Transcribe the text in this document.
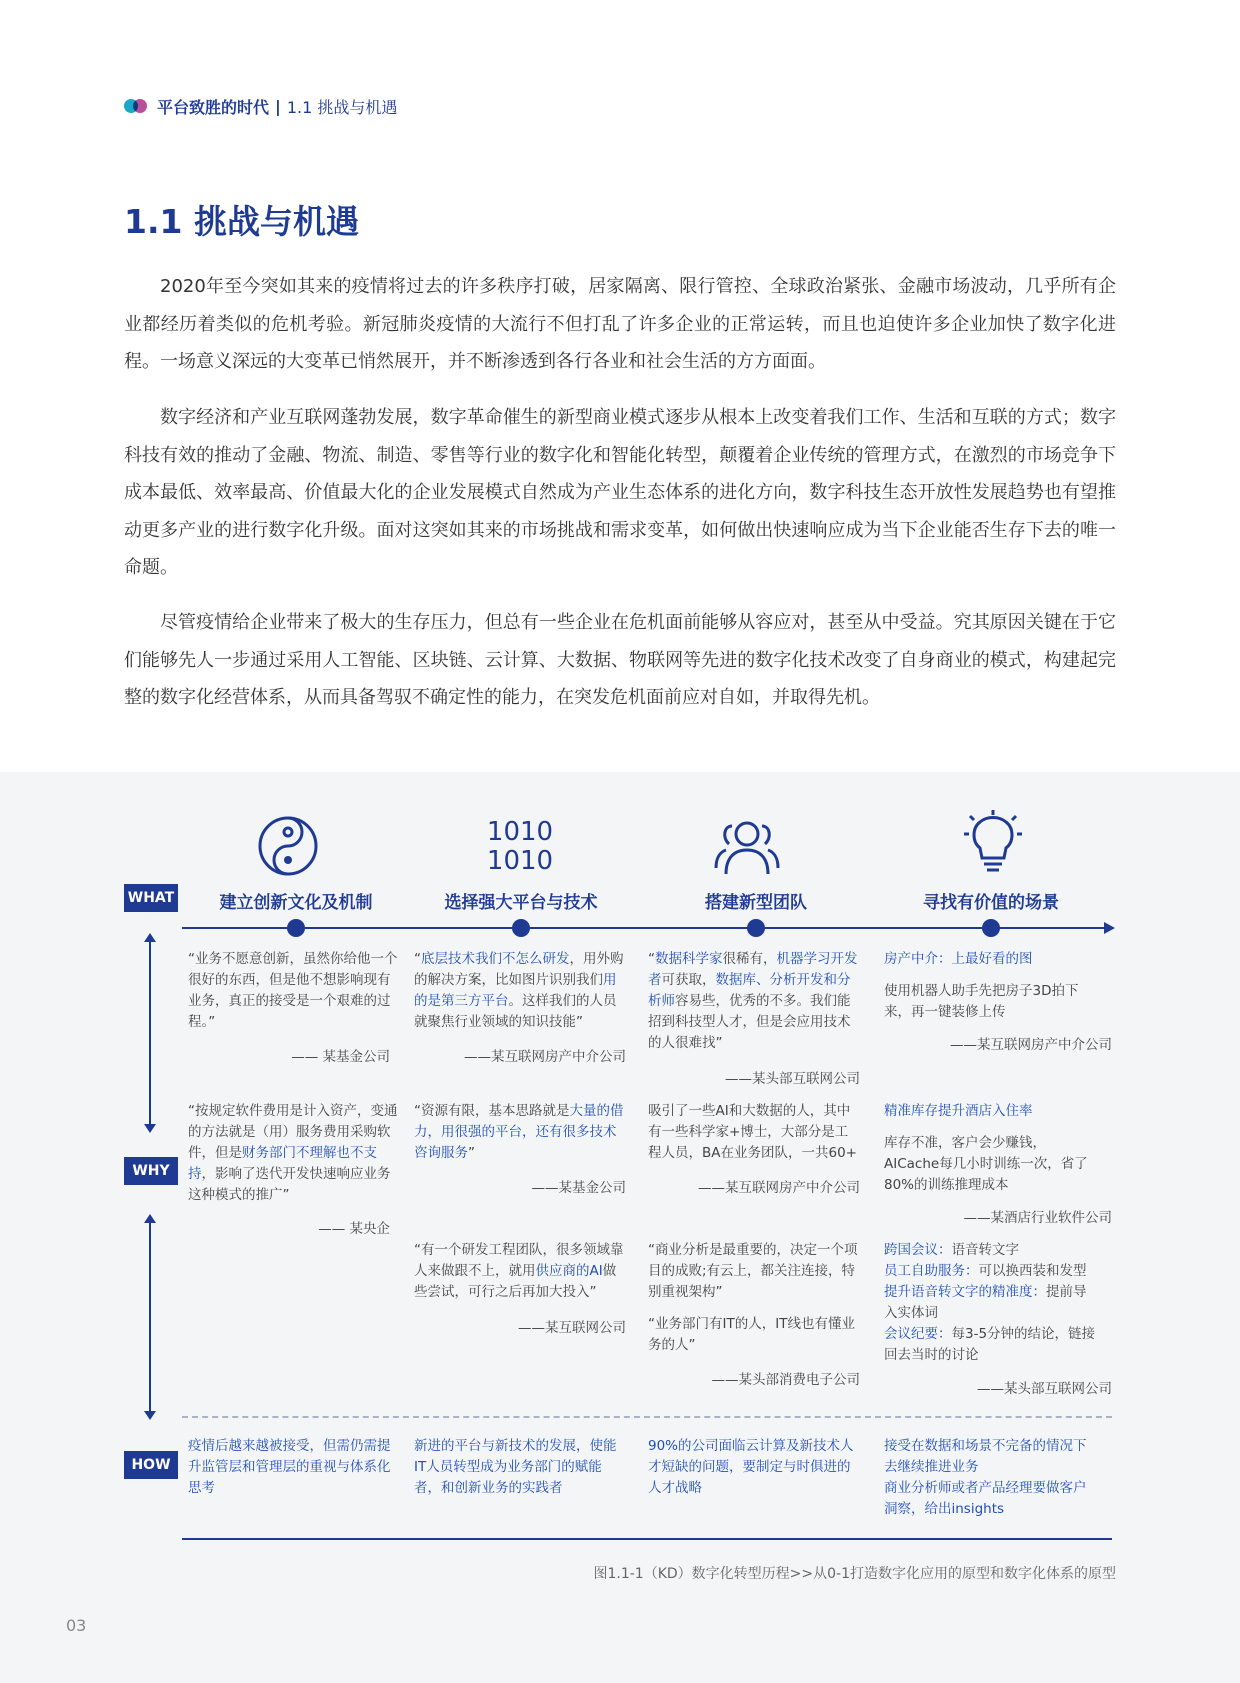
平台致胜的时代 | 1.1 挑战与机遇
1.1 挑战与机遇

2020年至今突如其来的疫情将过去的许多秩序打破，居家隔离、限行管控、全球政治紧张、金融市场波动，几乎所有企业都经历着类似的危机考验。新冠肺炎疫情的大流行不但打乱了许多企业的正常运转，而且也迫使许多企业加快了数字化进程。一场意义深远的大变革已悄然展开，并不断渗透到各行各业和社会生活的方方面面。

数字经济和产业互联网蓬勃发展，数字革命催生的新型商业模式逐步从根本上改变着我们工作、生活和互联的方式；数字科技有效的推动了金融、物流、制造、零售等行业的数字化和智能化转型，颠覆着企业传统的管理方式，在激烈的市场竞争下成本最低、效率最高、价值最大化的企业发展模式自然成为产业生态体系的进化方向，数字科技生态开放性发展趋势也有望推动更多产业的进行数字化升级。面对这突如其来的市场挑战和需求变革，如何做出快速响应成为当下企业能否生存下去的唯一命题。

尽管疫情给企业带来了极大的生存压力，但总有一些企业在危机面前能够从容应对，甚至从中受益。究其原因关键在于它们能够先人一步通过采用人工智能、区块链、云计算、大数据、物联网等先进的数字化技术改变了自身商业的模式，构建起完整的数字化经营体系，从而具备驾驭不确定性的能力，在突发危机面前应对自如，并取得先机。

1010
1010
建立创新文化及机制	选择强大平台与技术	搭建新型团队	寻找有价值的场景
WHAT
WHY
HOW
“业务不愿意创新，虽然你给他一个很好的东西，但是他不想影响现有业务，真正的接受是一个艰难的过程。”
—— 某基金公司
“按规定软件费用是计入资产，变通的方法就是（用）服务费用采购软件，但是财务部门不理解也不支持，影响了迭代开发快速响应业务这种模式的推广”
—— 某央企
“底层技术我们不怎么研发，用外购的解决方案，比如图片识别我们用的是第三方平台。这样我们的人员就聚焦行业领域的知识技能”
——某互联网房产中介公司
“资源有限，基本思路就是大量的借力，用很强的平台，还有很多技术咨询服务”
——某基金公司
“有一个研发工程团队，很多领域靠人来做跟不上，就用供应商的AI做些尝试，可行之后再加大投入”
——某互联网公司
“数据科学家很稀有，机器学习开发者可获取，数据库、分析开发和分析师容易些，优秀的不多。我们能招到科技型人才，但是会应用技术的人很难找”
——某头部互联网公司
吸引了一些AI和大数据的人，其中有一些科学家+博士，大部分是工程人员，BA在业务团队，一共60+
——某互联网房产中介公司
“商业分析是最重要的，决定一个项目的成败;有云上，都关注连接，特别重视架构”
“业务部门有IT的人，IT线也有懂业务的人”
——某头部消费电子公司
房产中介：上最好看的图
使用机器人助手先把房子3D拍下来，再一键装修上传
——某互联网房产中介公司
精准库存提升酒店入住率
库存不准，客户会少赚钱，AICache每几小时训练一次，省了80%的训练推理成本
——某酒店行业软件公司

跨国会议：语音转文字

员工自助服务：可以换西装和发型

提升语音转文字的精准度：提前导入实体词

会议纪要：每3-5分钟的结论，链接回去当时的讨论

——某头部互联网公司
疫情后越来越被接受，但需仍需提升监管层和管理层的重视与体系化思考
新进的平台与新技术的发展，使能IT人员转型成为业务部门的赋能者，和创新业务的实践者
90%的公司面临云计算及新技术人才短缺的问题，要制定与时俱进的人才战略
接受在数据和场景不完备的情况下去继续推进业务
商业分析师或者产品经理要做客户洞察，给出insights
图1.1-1（KD）数字化转型历程>>从0-1打造数字化应用的原型和数字化体系的原型
03
